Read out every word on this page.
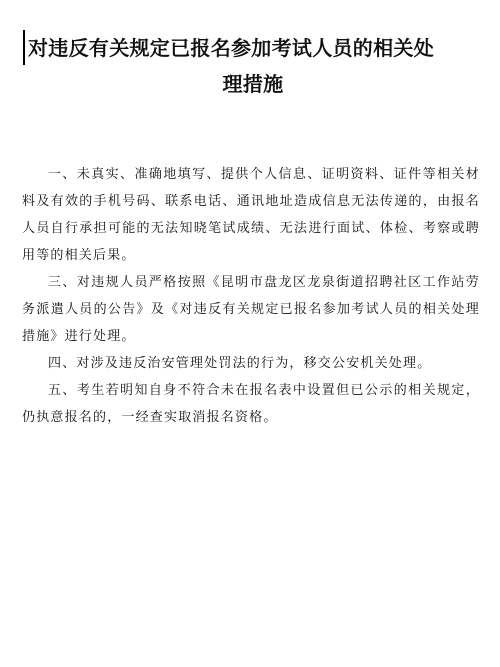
对违反有关规定已报名参加考试人员的相关处
理措施

一、未真实、准确地填写、提供个人信息、证明资料、证件等相关材料及有效的手机号码、联系电话、通讯地址造成信息无法传递的，由报名人员自行承担可能的无法知晓笔试成绩、无法进行面试、体检、考察或聘用等的相关后果。

三、对违规人员严格按照《昆明市盘龙区龙泉街道招聘社区工作站劳务派遣人员的公告》及《对违反有关规定已报名参加考试人员的相关处理措施》进行处理。

四、对涉及违反治安管理处罚法的行为，移交公安机关处理。

五、考生若明知自身不符合未在报名表中设置但已公示的相关规定，仍执意报名的，一经查实取消报名资格。
